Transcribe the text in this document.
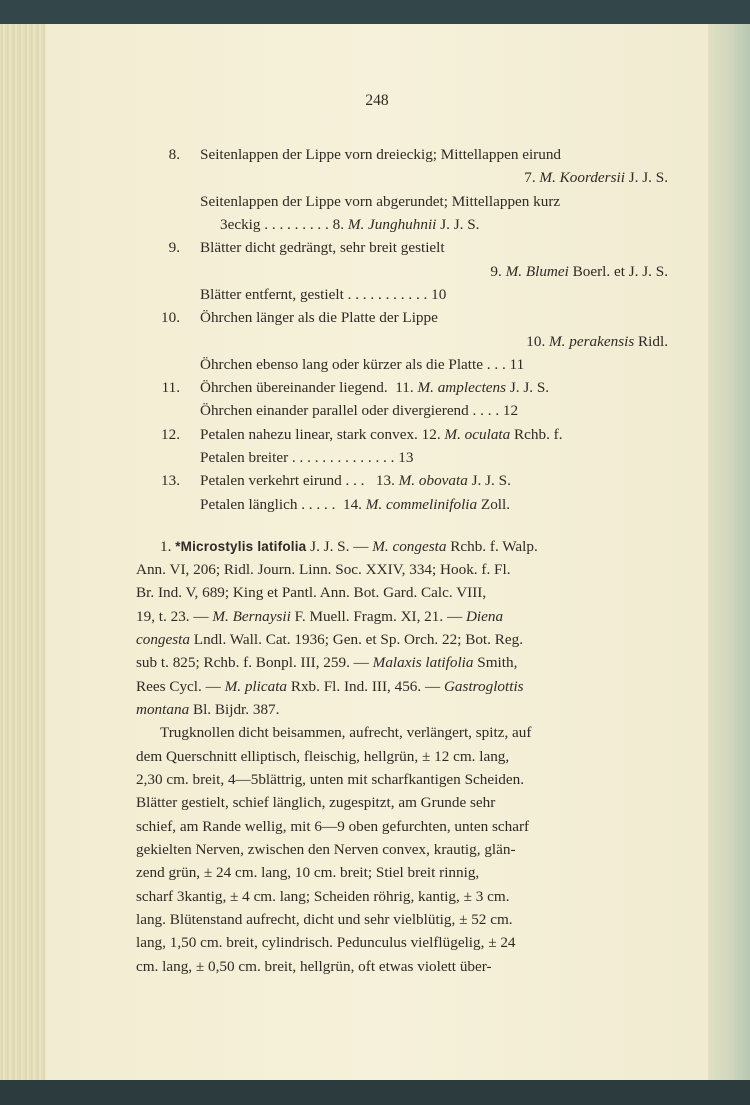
248
8. Seitenlappen der Lippe vorn dreieckig; Mittellappen eirund
7. M. Koordersii J. J. S.
Seitenlappen der Lippe vorn abgerundet; Mittellappen kurz
3eckig . . . . . . . . . 8. M. Junghuhnii J. J. S.
9. Blätter dicht gedrängt, sehr breit gestielt
9. M. Blumei Boerl. et J. J. S.
Blätter entfernt, gestielt . . . . . . . . . . . 10
10. Öhrchen länger als die Platte der Lippe
10. M. perakensis Ridl.
Öhrchen ebenso lang oder kürzer als die Platte . . . 11
11. Öhrchen übereinander liegend. 11. M. amplectens J. J. S.
Öhrchen einander parallel oder divergierend . . . . 12
12. Petalen nahezu linear, stark convex. 12. M. oculata Rchb. f.
Petalen breiter . . . . . . . . . . . . . . 13
13. Petalen verkehrt eirund . . . 13. M. obovata J. J. S.
Petalen länglich . . . . . 14. M. commelinifolia Zoll.
1. *Microstylis latifolia J. J. S. — M. congesta Rchb. f. Walp.
Ann. VI, 206; Ridl. Journ. Linn. Soc. XXIV, 334; Hook. f. Fl.
Br. Ind. V, 689; King et Pantl. Ann. Bot. Gard. Calc. VIII,
19, t. 23. — M. Bernaysii F. Muell. Fragm. XI, 21. — Diena
congesta Lndl. Wall. Cat. 1936; Gen. et Sp. Orch. 22; Bot. Reg.
sub t. 825; Rchb. f. Bonpl. III, 259. — Malaxis latifolia Smith,
Rees Cycl. — M. plicata Rxb. Fl. Ind. III, 456. — Gastroglottis
montana Bl. Bijdr. 387.
Trugknollen dicht beisammen, aufrecht, verlängert, spitz, auf
dem Querschnitt elliptisch, fleischig, hellgrün, ± 12 cm. lang,
2,30 cm. breit, 4—5blättrig, unten mit scharfkantigen Scheiden.
Blätter gestielt, schief länglich, zugespitzt, am Grunde sehr
schief, am Rande wellig, mit 6—9 oben gefurchten, unten scharf
gekielten Nerven, zwischen den Nerven convex, krautig, glän-
zend grün, ± 24 cm. lang, 10 cm. breit; Stiel breit rinnig,
scharf 3kantig, ± 4 cm. lang; Scheiden röhrig, kantig, ± 3 cm.
lang. Blütenstand aufrecht, dicht und sehr vielblütig, ± 52 cm.
lang, 1,50 cm. breit, cylindrisch. Pedunculus vielflügelig, ± 24
cm. lang, ± 0,50 cm. breit, hellgrün, oft etwas violett über-
